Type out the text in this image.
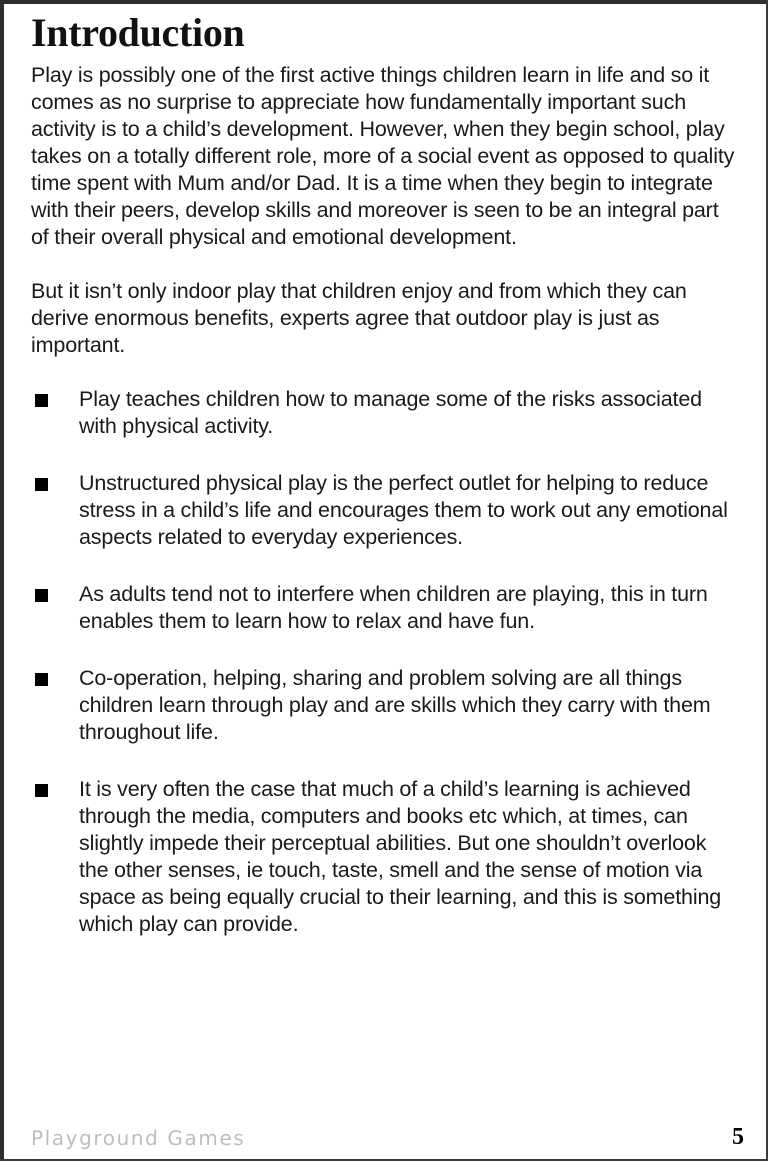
Introduction

Play is possibly one of the first active things children learn in life and so it comes as no surprise to appreciate how fundamentally important such activity is to a child’s development. However, when they begin school, play takes on a totally different role, more of a social event as opposed to quality time spent with Mum and/or Dad. It is a time when they begin to integrate with their peers, develop skills and moreover is seen to be an integral part of their overall physical and emotional development.

But it isn’t only indoor play that children enjoy and from which they can derive enormous benefits, experts agree that outdoor play is just as important.

Play teaches children how to manage some of the risks associated with physical activity.
Unstructured physical play is the perfect outlet for helping to reduce stress in a child’s life and encourages them to work out any emotional aspects related to everyday experiences.
As adults tend not to interfere when children are playing, this in turn enables them to learn how to relax and have fun.
Co-operation, helping, sharing and problem solving are all things children learn through play and are skills which they carry with them throughout life.
It is very often the case that much of a child’s learning is achieved through the media, computers and books etc which, at times, can slightly impede their perceptual abilities. But one shouldn’t overlook the other senses, ie touch, taste, smell and the sense of motion via space as being equally crucial to their learning, and this is something which play can provide.
Playground Games	5
